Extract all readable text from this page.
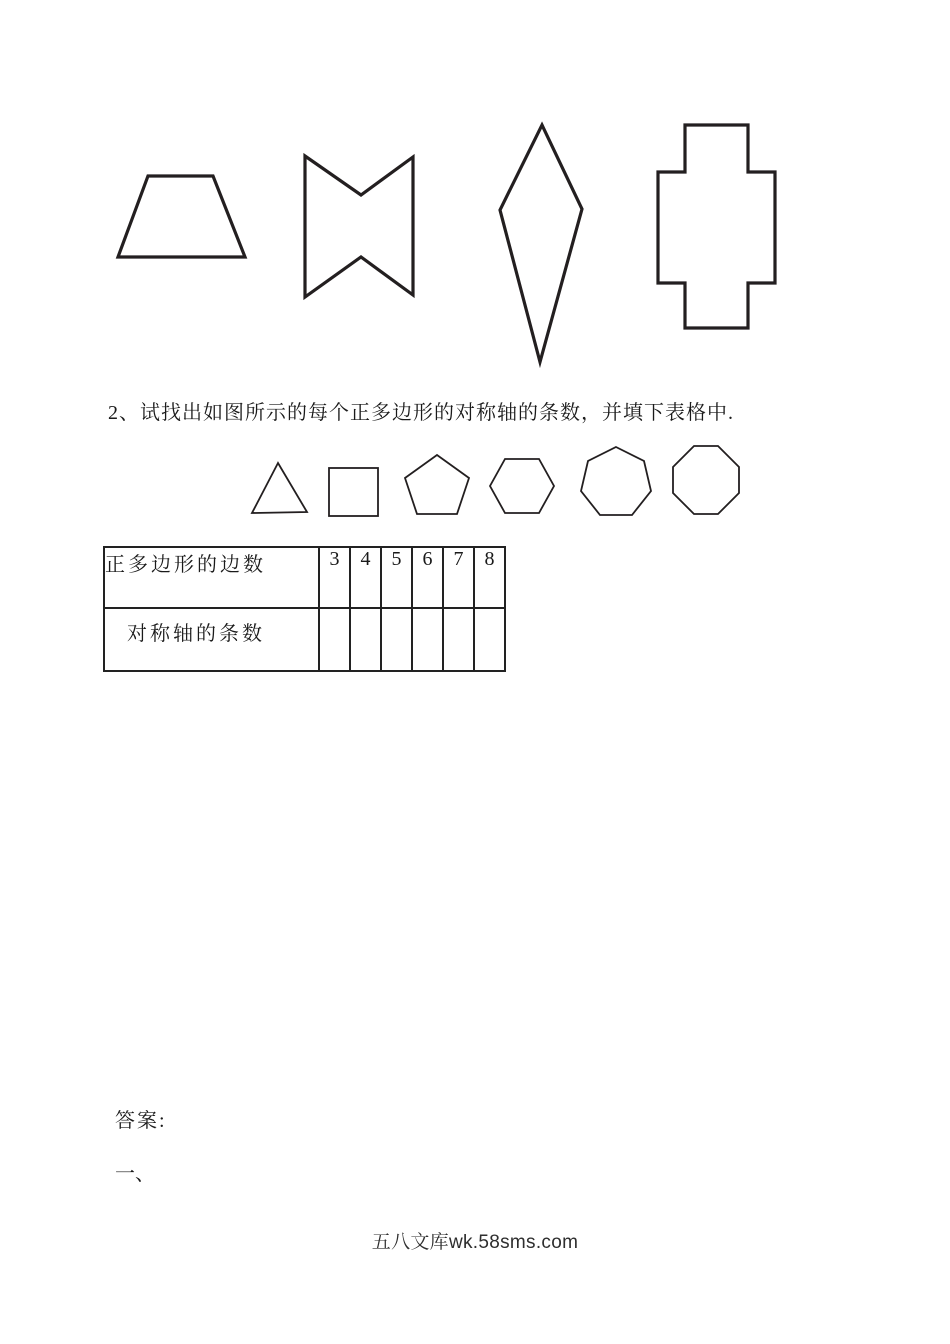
2、试找出如图所示的每个正多边形的对称轴的条数，并填下表格中.
正多边形的边数	3	4	5	6	7	8
对称轴的条数						
答案:
一、
五八文库wk.58sms.com
